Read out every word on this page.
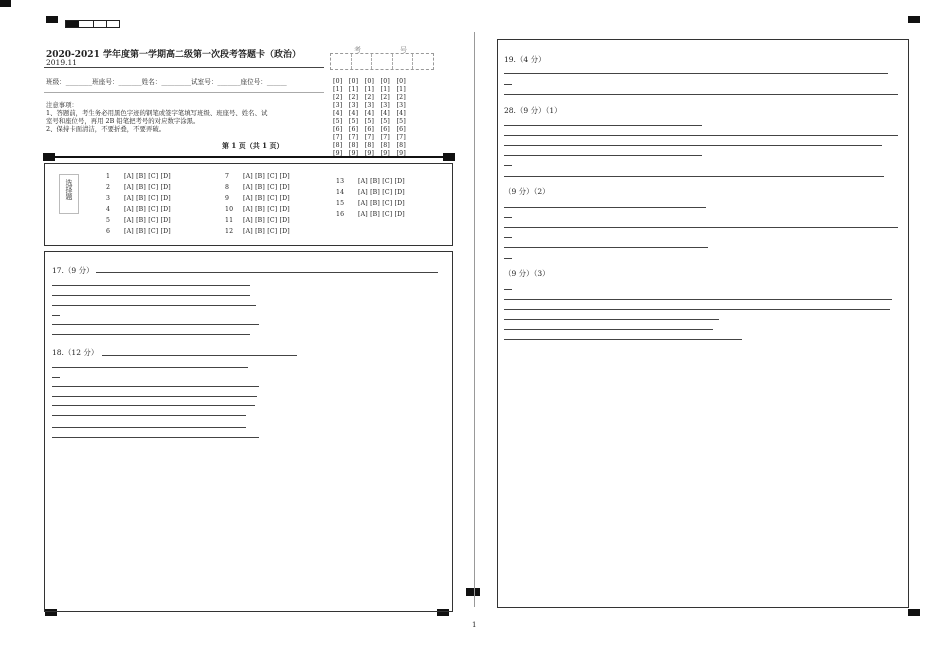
2020-2021 学年度第一学期高二级第一次段考答题卡（政治）
2019.11
班级：________班座号：_______姓名：_________试室号：_______座位号：______
注意事项：
1、答题前，考生务必用黑色字迹的钢笔或签字笔填写班级、班座号、姓名、试
室号和座位号，再用 2B 铅笔把考号的对应数字涂黑。
2、保持卡面清洁，不要折叠，不要弄破。
第 1 页（共 1 页）
考	号
[0] [0] [0] [0] [0]
[1] [1] [1] [1] [1]
[2] [2] [2] [2] [2]
[3] [3] [3] [3] [3]
[4] [4] [4] [4] [4]
[5] [5] [5] [5] [5]
[6] [6] [6] [6] [6]
[7] [7] [7] [7] [7]
[8] [8] [8] [8] [8]
[9] [9] [9] [9] [9]
选择题
1 [A] [B] [C] [D]
2 [A] [B] [C] [D]
3 [A] [B] [C] [D]
4 [A] [B] [C] [D]
5 [A] [B] [C] [D]
6 [A] [B] [C] [D]
7 [A] [B] [C] [D]
8 [A] [B] [C] [D]
9 [A] [B] [C] [D]
10 [A] [B] [C] [D]
11 [A] [B] [C] [D]
12 [A] [B] [C] [D]
13 [A] [B] [C] [D]
14 [A] [B] [C] [D]
15 [A] [B] [C] [D]
16 [A] [B] [C] [D]
17.（9 分）
18.（12 分）
19.（4 分）
28.（9 分）（1）
（9 分）（2）
（9 分）（3）
1
